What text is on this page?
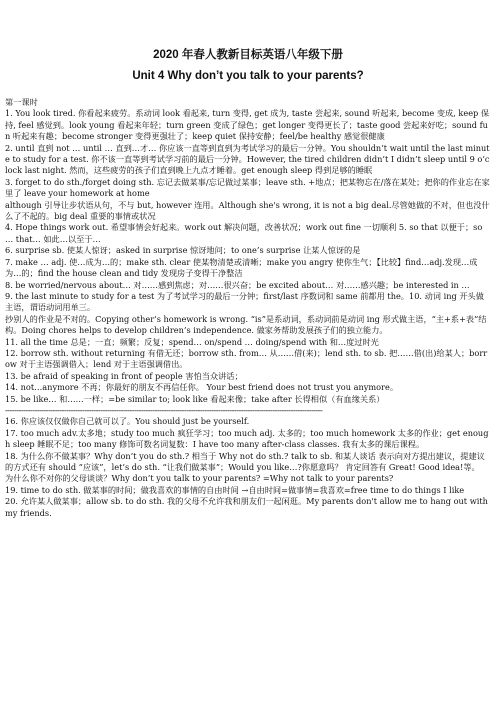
2020 年春人教新目标英语八年级下册
Unit 4 Why don’t you talk to your parents?
第一课时

1. You look tired. 你看起来疲劳。系动词 look 看起来, turn 变得, get 成为, taste 尝起来, sound 听起来, become 变成, keep 保持, feel 感觉到。look young 看起来年轻；turn green 变成了绿色；get longer 变得更长了；taste good 尝起来好吃；sound fun 听起来有趣；become stronger 变得更强壮了；keep quiet 保持安静；feel/be healthy 感觉很健康

2. until 直到 not … until … 直到…才… 你应该一直等到直到为考试学习的最后一分钟。You shouldn’t wait until the last minute to study for a test. 你不该一直等到考试学习前的最后一分钟。However, the tired children didn’t I didn’t sleep until 9 o’clock last night. 然而，这些疲劳的孩子们直到晚上九点才睡着。get enough sleep 得到足够的睡眠

3. forget to do sth./forget doing sth. 忘记去做某事/忘记做过某事；leave sth. +地点；把某物忘在/落在某处；把你的作业忘在家里了 leave your homework at home

although 引导让步状语从句，不与 but, however 连用。Although she's wrong, it is not a big deal.尽管她做的不对，但也没什么了不起的。big deal 重要的事情或状况

4. Hope things work out. 希望事情会好起来。work out 解决问题，改善状况；work out fine 一切顺利 5. so that 以便于；so … that… 如此…以至于…

6. surprise sb. 使某人惊讶；asked in surprise 惊讶地问；to one’s surprise 让某人惊讶的是

7. make … adj. 使…成为…的；make sth. clear 使某物清楚或清晰；make you angry 使你生气；【比较】find…adj.发现…成为…的；find the house clean and tidy 发现房子变得干净整洁

8. be worried/nervous about… 对……感到焦虑；对……很兴奋；be excited about… 对……感兴趣；be interested in …

9. the last minute to study for a test 为了考试学习的最后一分钟；first/last 序数词和 same 前都用 the。10. 动词 ing 开头做主语，谓语动词用单三。

抄别人的作业是不对的。Copying other’s homework is wrong. “is”是系动词，系动词前是动词 ing 形式做主语，“主+系+表”结构。Doing chores helps to develop children’s independence. 做家务帮助发展孩子们的独立能力。

11. all the time 总是；一直；频繁；反复；spend… on/spend … doing/spend with 和…度过时光

12. borrow sth. without returning 有借无还；borrow sth. from… 从……借(来)；lend sth. to sb. 把……借(出)给某人；borrow 对于主语强调借入；lend 对于主语强调借出。

13. be afraid of speaking in front of people 害怕当众讲话；

14. not…anymore 不再；你最好的朋友不再信任你。 Your best friend does not trust you anymore。

15. be like… 和……一样；=be similar to; look like 看起来像；take after 长得相似（有血缘关系）

--------------------------------------------------------------------------------------------------------------------------------------------

16. 你应该仅仅做你自己就可以了。You should just be yourself.

17. too much adv.太多地；study too much 疯狂学习；too much adj. 太多的；too much homework 太多的作业；get enough sleep 睡眠不足；too many 修饰可数名词复数：I have too many after-class classes. 我有太多的课后课程。

18. 为什么你不做某事？Why don’t you do sth.? 相当于 Why not do sth.? talk to sb. 和某人谈话 表示向对方提出建议，提建议的方式还有 should “应该”，let’s do sth. “让我们做某事”；Would you like…?你愿意吗？ 肯定回答有 Great! Good idea!等。

为什么你不对你的父母谈谈？Why don’t you talk to your parents? =Why not talk to your parents?

19. time to do sth. 做某事的时间；做我喜欢的事情的自由时间 →自由时间=做事情=我喜欢=free time to do things I like

20. 允许某人做某事；allow sb. to do sth. 我的父母不允许我和朋友们一起闲逛。My parents don't allow me to hang out with my friends.
